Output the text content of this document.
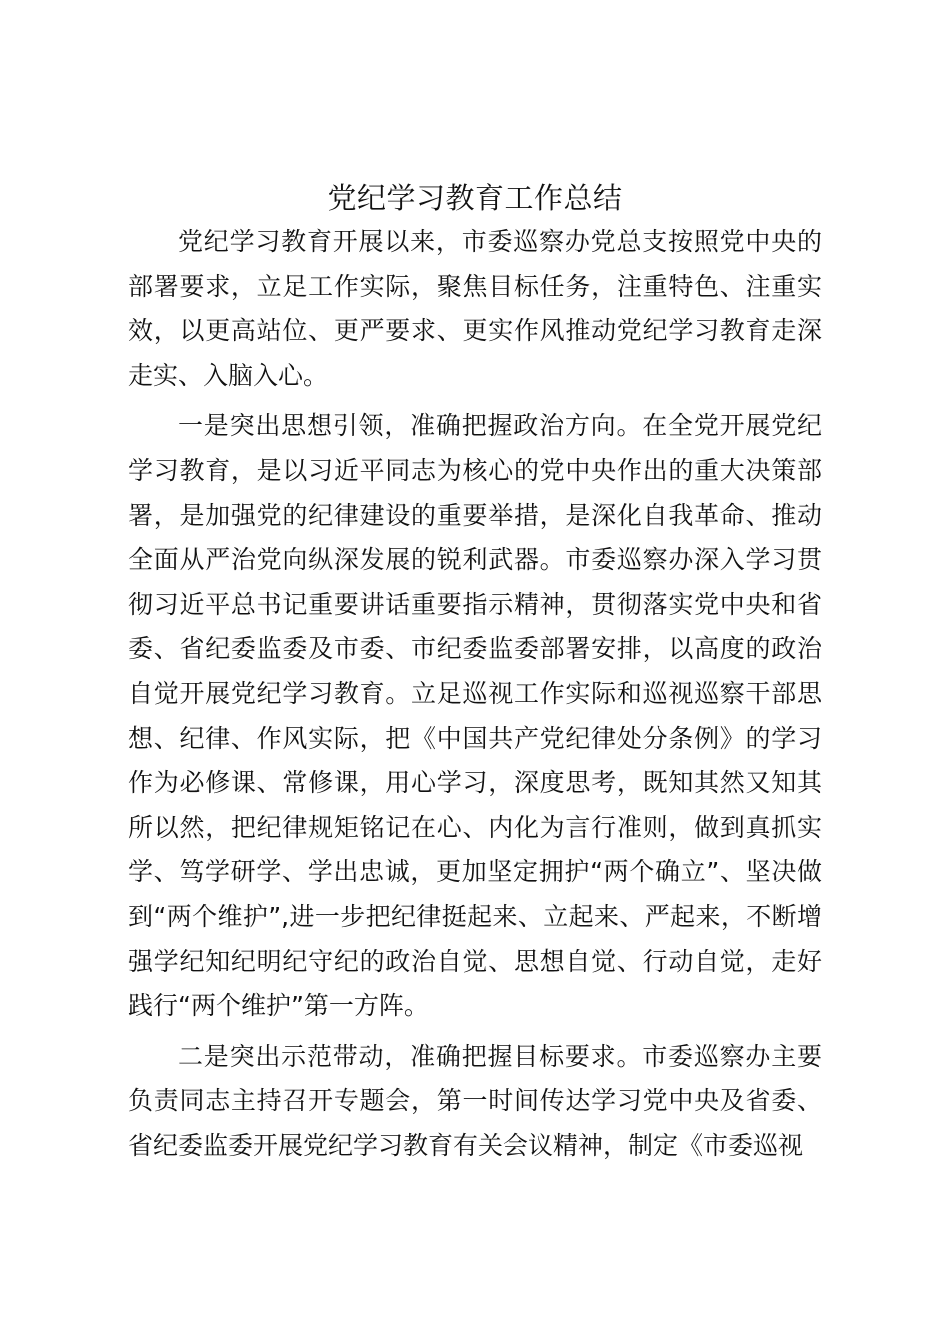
党纪学习教育工作总结

党纪学习教育开展以来，市委巡察办党总支按照党中央的部署要求，立足工作实际，聚焦目标任务，注重特色、注重实效，以更高站位、更严要求、更实作风推动党纪学习教育走深走实、入脑入心。

一是突出思想引领，准确把握政治方向。在全党开展党纪学习教育，是以习近平同志为核心的党中央作出的重大决策部署，是加强党的纪律建设的重要举措，是深化自我革命、推动全面从严治党向纵深发展的锐利武器。市委巡察办深入学习贯彻习近平总书记重要讲话重要指示精神，贯彻落实党中央和省委、省纪委监委及市委、市纪委监委部署安排，以高度的政治自觉开展党纪学习教育。立足巡视工作实际和巡视巡察干部思想、纪律、作风实际，把《中国共产党纪律处分条例》的学习作为必修课、常修课，用心学习，深度思考，既知其然又知其所以然，把纪律规矩铭记在心、内化为言行准则，做到真抓实学、笃学研学、学出忠诚，更加坚定拥护“两个确立”、坚决做到“两个维护”,进一步把纪律挺起来、立起来、严起来，不断增强学纪知纪明纪守纪的政治自觉、思想自觉、行动自觉，走好践行“两个维护”第一方阵。

二是突出示范带动，准确把握目标要求。市委巡察办主要负责同志主持召开专题会，第一时间传达学习党中央及省委、省纪委监委开展党纪学习教育有关会议精神，制定《市委巡视
